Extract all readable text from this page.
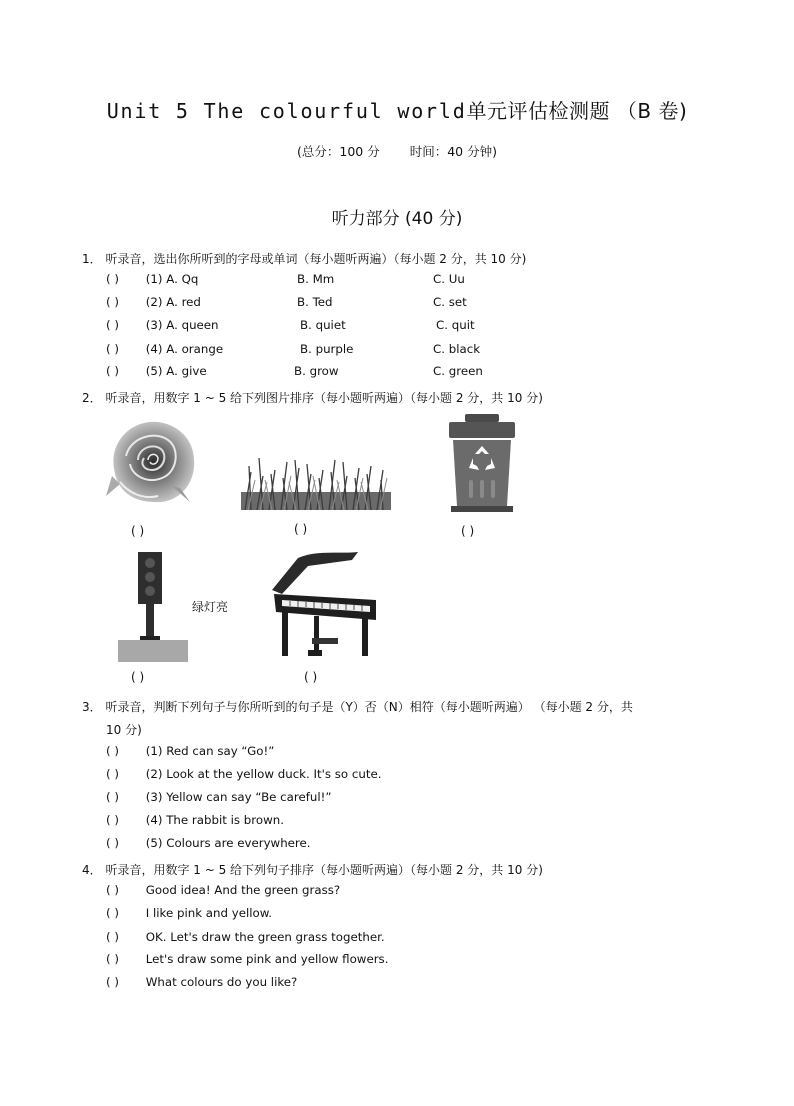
Unit 5 The colourful world单元评估检测题 （B 卷)
(总分：100 分 时间：40 分钟)
听力部分 (40 分)
1． 听录音，选出你所听到的字母或单词（每小题听两遍）（每小题 2 分，共 10 分)
( ) (1) A. Qq	B. Mm	C. Uu
( ) (2) A. red	B. Ted	C. set
( ) (3) A. queen	B. quiet	C. quit
( ) (4) A. orange	B. purple	C. black
( ) (5) A. give	B. grow	C. green
2． 听录音，用数字 1 ~ 5 给下列图片排序（每小题听两遍）（每小题 2 分，共 10 分)
( )	( )	( )
绿灯亮
( )	( )
3． 听录音，判断下列句子与你所听到的句子是（Y）否（N）相符（每小题听两遍） （每小题 2 分，共
10 分)
( ) (1) Red can say “Go!”
( ) (2) Look at the yellow duck. It's so cute.
( ) (3) Yellow can say “Be careful!”
( ) (4) The rabbit is brown.
( ) (5) Colours are everywhere.
4． 听录音，用数字 1 ~ 5 给下列句子排序（每小题听两遍）（每小题 2 分，共 10 分)
( ) Good idea! And the green grass?
( ) I like pink and yellow.
( ) OK. Let's draw the green grass together.
( ) Let's draw some pink and yellow flowers.
( ) What colours do you like?
